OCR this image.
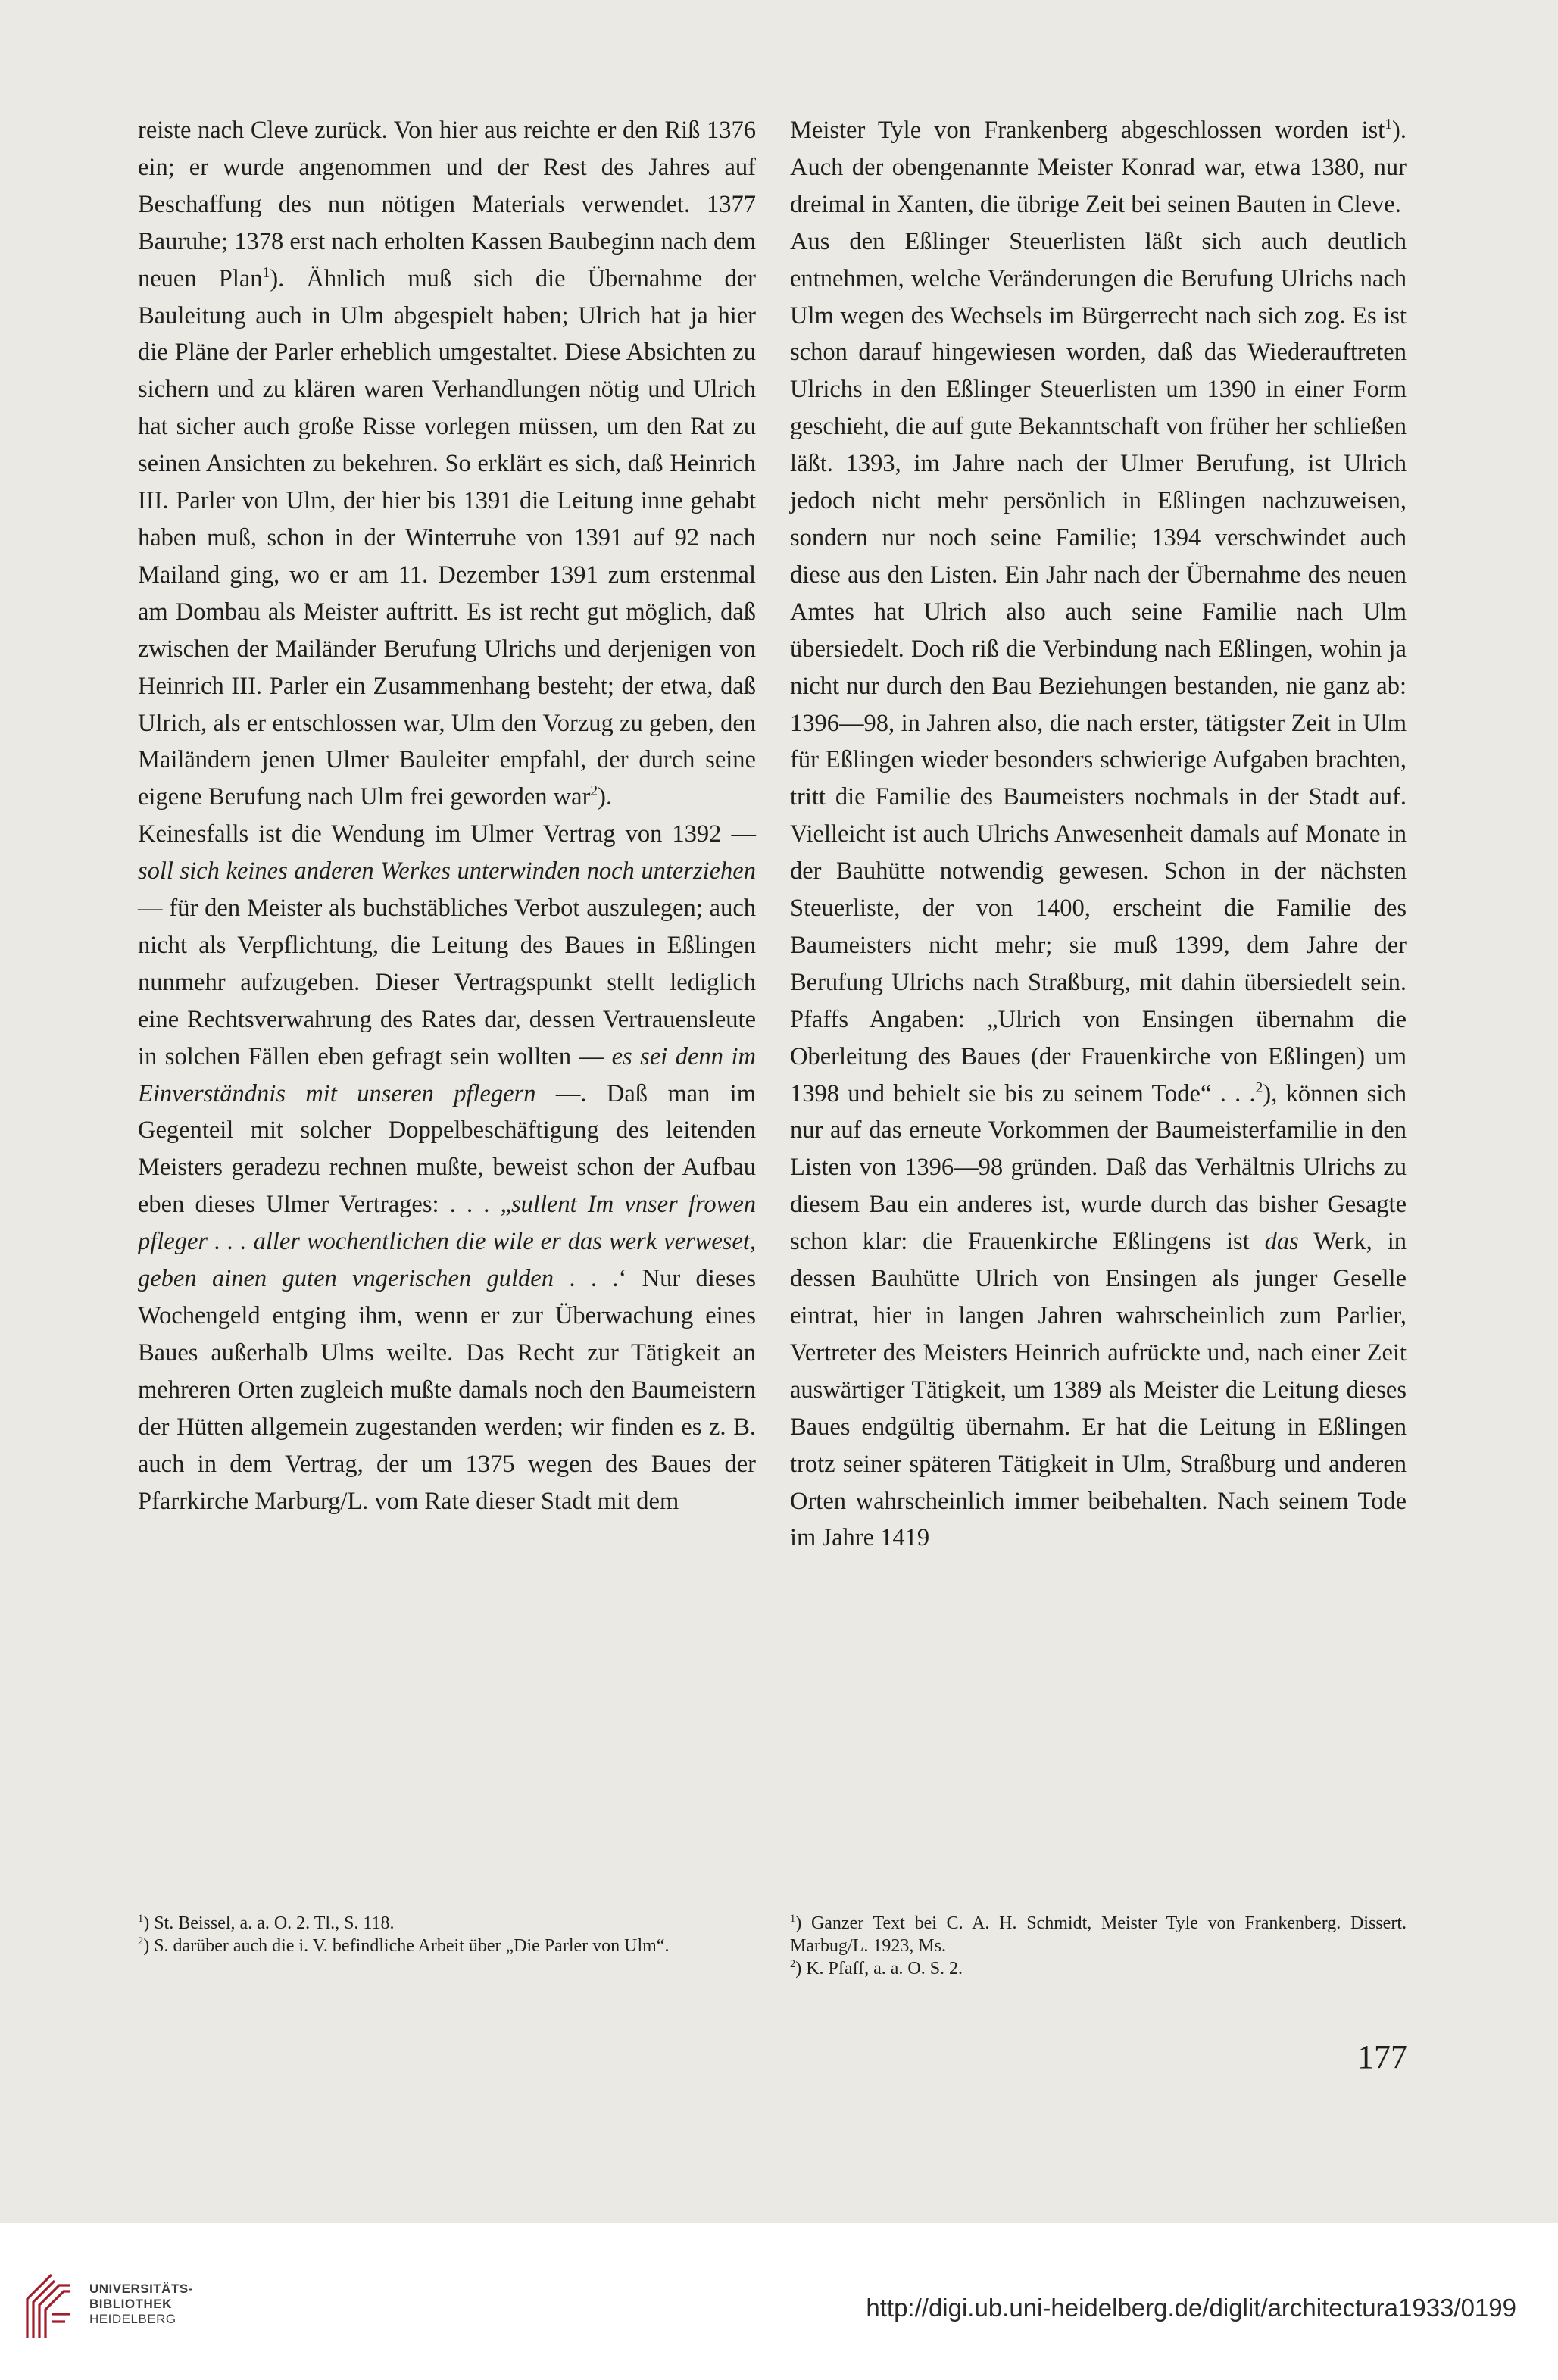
reiste nach Cleve zurück. Von hier aus reichte er den Riß 1376 ein; er wurde angenommen und der Rest des Jahres auf Beschaffung des nun nötigen Materials verwendet. 1377 Bauruhe; 1378 erst nach erholten Kassen Baubeginn nach dem neuen Plan$^1$). Ähnlich muß sich die Übernahme der Bauleitung auch in Ulm abgespielt haben; Ulrich hat ja hier die Pläne der Parler erheblich umgestaltet. Diese Absichten zu sichern und zu klären waren Verhandlungen nötig und Ulrich hat sicher auch große Risse vorlegen müssen, um den Rat zu seinen Ansichten zu bekehren. So erklärt es sich, daß Heinrich III. Parler von Ulm, der hier bis 1391 die Leitung inne gehabt haben muß, schon in der Winterruhe von 1391 auf 92 nach Mailand ging, wo er am 11. Dezember 1391 zum erstenmal am Dombau als Meister auftritt. Es ist recht gut möglich, daß zwischen der Mailänder Berufung Ulrichs und derjenigen von Heinrich III. Parler ein Zusammenhang besteht; der etwa, daß Ulrich, als er entschlossen war, Ulm den Vorzug zu geben, den Mailändern jenen Ulmer Bauleiter empfahl, der durch seine eigene Berufung nach Ulm frei geworden war$^2$).

Keinesfalls ist die Wendung im Ulmer Vertrag von 1392 — soll sich keines anderen Werkes unterwinden noch unterziehen — für den Meister als buchstäbliches Verbot auszulegen; auch nicht als Verpflichtung, die Leitung des Baues in Eßlingen nunmehr aufzugeben. Dieser Vertragspunkt stellt lediglich eine Rechtsverwahrung des Rates dar, dessen Vertrauensleute in solchen Fällen eben gefragt sein wollten — es sei denn im Einverständnis mit unseren pflegern —. Daß man im Gegenteil mit solcher Doppelbeschäftigung des leitenden Meisters geradezu rechnen mußte, beweist schon der Aufbau eben dieses Ulmer Vertrages: . . . „sullent Im vnser frowen pfleger . . . aller wochentlichen die wile er das werk verweset, geben ainen guten vngerischen gulden . . .‘ Nur dieses Wochengeld entging ihm, wenn er zur Überwachung eines Baues außerhalb Ulms weilte. Das Recht zur Tätigkeit an mehreren Orten zugleich mußte damals noch den Baumeistern der Hütten allgemein zugestanden werden; wir finden es z. B. auch in dem Vertrag, der um 1375 wegen des Baues der Pfarrkirche Marburg/L. vom Rate dieser Stadt mit dem

Meister Tyle von Frankenberg abgeschlossen worden ist$^1$). Auch der obengenannte Meister Konrad war, etwa 1380, nur dreimal in Xanten, die übrige Zeit bei seinen Bauten in Cleve.

Aus den Eßlinger Steuerlisten läßt sich auch deutlich entnehmen, welche Veränderungen die Berufung Ulrichs nach Ulm wegen des Wechsels im Bürgerrecht nach sich zog. Es ist schon darauf hingewiesen worden, daß das Wiederauftreten Ulrichs in den Eßlinger Steuerlisten um 1390 in einer Form geschieht, die auf gute Bekanntschaft von früher her schließen läßt. 1393, im Jahre nach der Ulmer Berufung, ist Ulrich jedoch nicht mehr persönlich in Eßlingen nachzuweisen, sondern nur noch seine Familie; 1394 verschwindet auch diese aus den Listen. Ein Jahr nach der Übernahme des neuen Amtes hat Ulrich also auch seine Familie nach Ulm übersiedelt. Doch riß die Verbindung nach Eßlingen, wohin ja nicht nur durch den Bau Beziehungen bestanden, nie ganz ab: 1396—98, in Jahren also, die nach erster, tätigster Zeit in Ulm für Eßlingen wieder besonders schwierige Aufgaben brachten, tritt die Familie des Baumeisters nochmals in der Stadt auf. Vielleicht ist auch Ulrichs Anwesenheit damals auf Monate in der Bauhütte notwendig gewesen. Schon in der nächsten Steuerliste, der von 1400, erscheint die Familie des Baumeisters nicht mehr; sie muß 1399, dem Jahre der Berufung Ulrichs nach Straßburg, mit dahin übersiedelt sein. Pfaffs Angaben: „Ulrich von Ensingen übernahm die Oberleitung des Baues (der Frauenkirche von Eßlingen) um 1398 und behielt sie bis zu seinem Tode“ . . .$^2$), können sich nur auf das erneute Vorkommen der Baumeisterfamilie in den Listen von 1396—98 gründen. Daß das Verhältnis Ulrichs zu diesem Bau ein anderes ist, wurde durch das bisher Gesagte schon klar: die Frauenkirche Eßlingens ist das Werk, in dessen Bauhütte Ulrich von Ensingen als junger Geselle eintrat, hier in langen Jahren wahrscheinlich zum Parlier, Vertreter des Meisters Heinrich aufrückte und, nach einer Zeit auswärtiger Tätigkeit, um 1389 als Meister die Leitung dieses Baues endgültig übernahm. Er hat die Leitung in Eßlingen trotz seiner späteren Tätigkeit in Ulm, Straßburg und anderen Orten wahrscheinlich immer beibehalten. Nach seinem Tode im Jahre 1419

$^1$) St. Beissel, a. a. O. 2. Tl., S. 118.

$^2$) S. darüber auch die i. V. befindliche Arbeit über „Die Parler von Ulm“.

$^1$) Ganzer Text bei C. A. H. Schmidt, Meister Tyle von Frankenberg. Dissert. Marbug/L. 1923, Ms.

$^2$) K. Pfaff, a. a. O. S. 2.

177
UNIVERSITÄTS-
BIBLIOTHEK
HEIDELBERG	http://digi.ub.uni-heidelberg.de/diglit/architectura1933/0199
